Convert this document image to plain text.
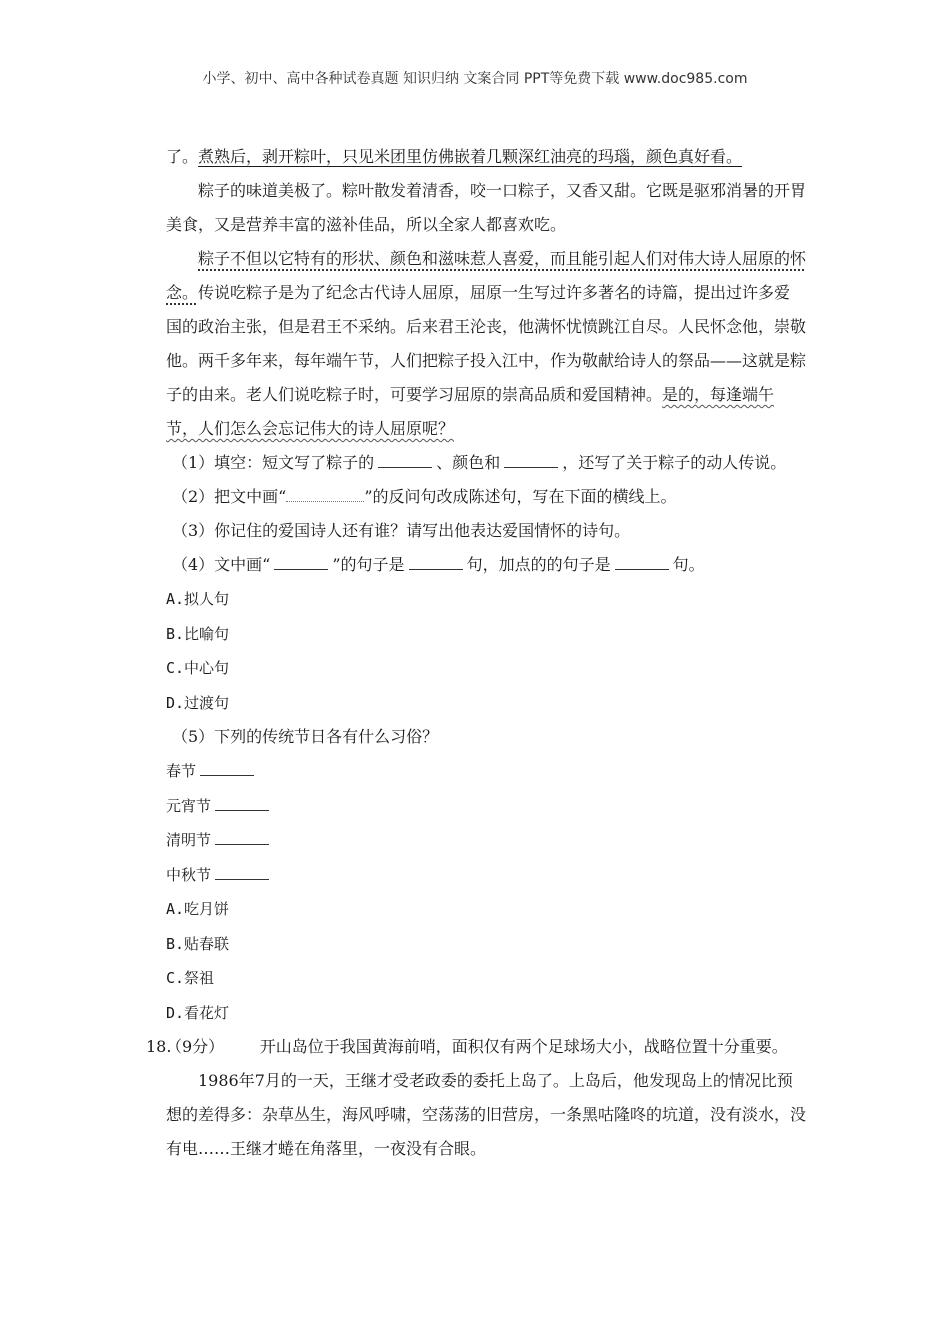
小学、初中、高中各种试卷真题 知识归纳 文案合同 PPT等免费下载 www.doc985.com

了。煮熟后，剥开粽叶，只见米团里仿佛嵌着几颗深红油亮的玛瑙，颜色真好看。

粽子的味道美极了。粽叶散发着清香，咬一口粽子，又香又甜。它既是驱邪消暑的开胃美食，又是营养丰富的滋补佳品，所以全家人都喜欢吃。

粽子不但以它特有的形状、颜色和滋味惹人喜爱，而且能引起人们对伟大诗人屈原的怀念。传说吃粽子是为了纪念古代诗人屈原，屈原一生写过许多著名的诗篇，提出过许多爱国的政治主张，但是君王不采纳。后来君王沦丧，他满怀忧愤跳江自尽。人民怀念他，崇敬他。两千多年来，每年端午节，人们把粽子投入江中，作为敬献给诗人的祭品——这就是粽子的由来。老人们说吃粽子时，可要学习屈原的崇高品质和爱国精神。是的，每逢端午节，人们怎么会忘记伟大的诗人屈原呢？

（1）填空：短文写了粽子的	、颜色和	，还写了关于粽子的动人传说。

（2）把文中画“	”的反问句改成陈述句，写在下面的横线上。

（3）你记住的爱国诗人还有谁？请写出他表达爱国情怀的诗句。

（4）文中画“	”的句子是	句，加点的的句子是	句。

A.拟人句

B.比喻句

C.中心句

D.过渡句

（5）下列的传统节日各有什么习俗？

春节

元宵节

清明节

中秋节

A.吃月饼

B.贴春联

C.祭祖

D.看花灯

18.
（9分） 开山岛位于我国黄海前哨，面积仅有两个足球场大小，战略位置十分重要。

1986年7月的一天，王继才受老政委的委托上岛了。上岛后，他发现岛上的情况比预想的差得多：杂草丛生，海风呼啸，空荡荡的旧营房，一条黑咕隆咚的坑道，没有淡水，没有电……王继才蜷在角落里，一夜没有合眼。
